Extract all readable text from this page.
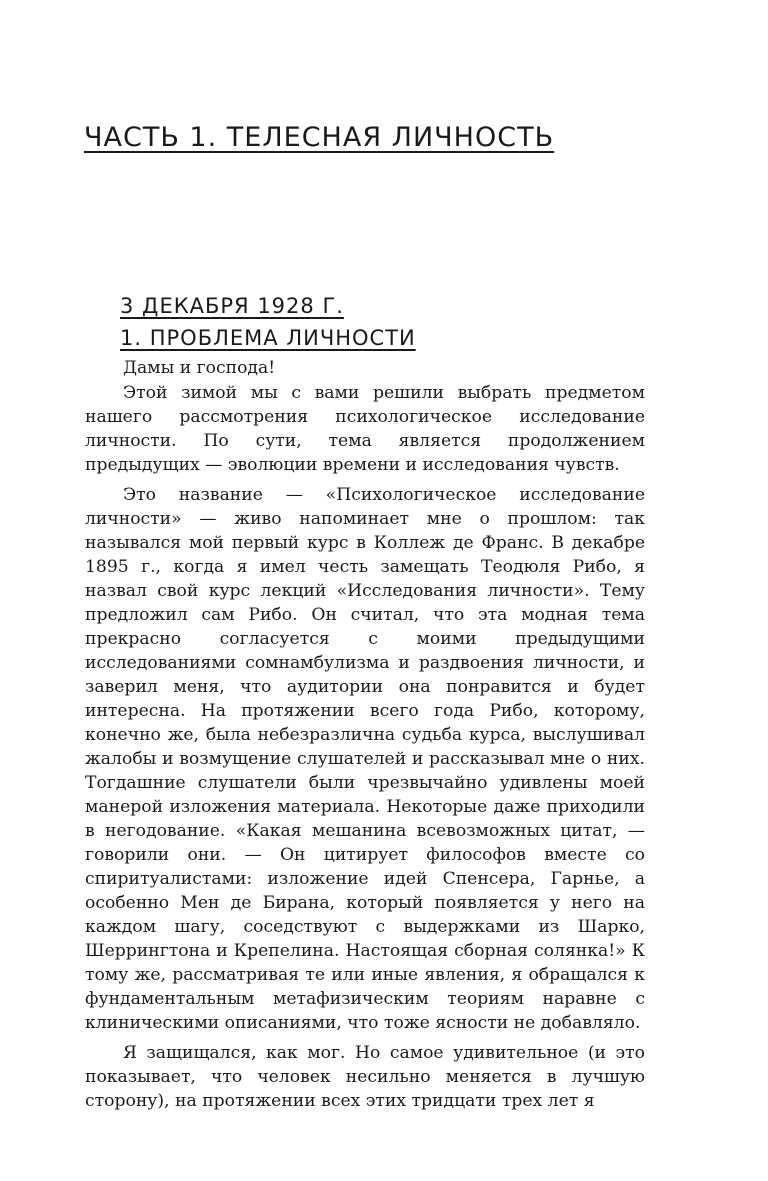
ЧАСТЬ 1. ТЕЛЕСНАЯ ЛИЧНОСТЬ
3 ДЕКАБРЯ 1928 Г.
1. ПРОБЛЕМА ЛИЧНОСТИ

Дамы и господа!

Этой зимой мы с вами решили выбрать предметом нашего рассмотрения психологическое исследование личности. По сути, тема является продолжением предыдущих — эволюции времени и исследования чувств.

Это название — «Психологическое исследование личности» — живо напоминает мне о прошлом: так назывался мой первый курс в Коллеж де Франс. В декабре 1895 г., когда я имел честь замещать Теодюля Рибо, я назвал свой курс лекций «Исследования личности». Тему предложил сам Рибо. Он считал, что эта модная тема прекрасно согласуется с моими предыдущими исследованиями сомнамбулизма и раздвоения личности, и заверил меня, что аудитории она понравится и будет интересна. На протяжении всего года Рибо, которому, конечно же, была небезразлична судьба курса, выслушивал жалобы и возмущение слушателей и рассказывал мне о них. Тогдашние слушатели были чрезвычайно удивлены моей манерой изложения материала. Некоторые даже приходили в негодование. «Какая мешанина всевозможных цитат, — говорили они. — Он цитирует философов вместе со спиритуалистами: изложение идей Спенсера, Гарнье, а особенно Мен де Бирана, который появляется у него на каждом шагу, соседствуют с выдержками из Шарко, Шеррингтона и Крепелина. Настоящая сборная солянка!» К тому же, рассматривая те или иные явления, я обращался к фундаментальным метафизическим теориям наравне с клиническими описаниями, что тоже ясности не добавляло.

Я защищался, как мог. Но самое удивительное (и это показывает, что человек несильно меняется в лучшую сторону), на протяжении всех этих тридцати трех лет я
